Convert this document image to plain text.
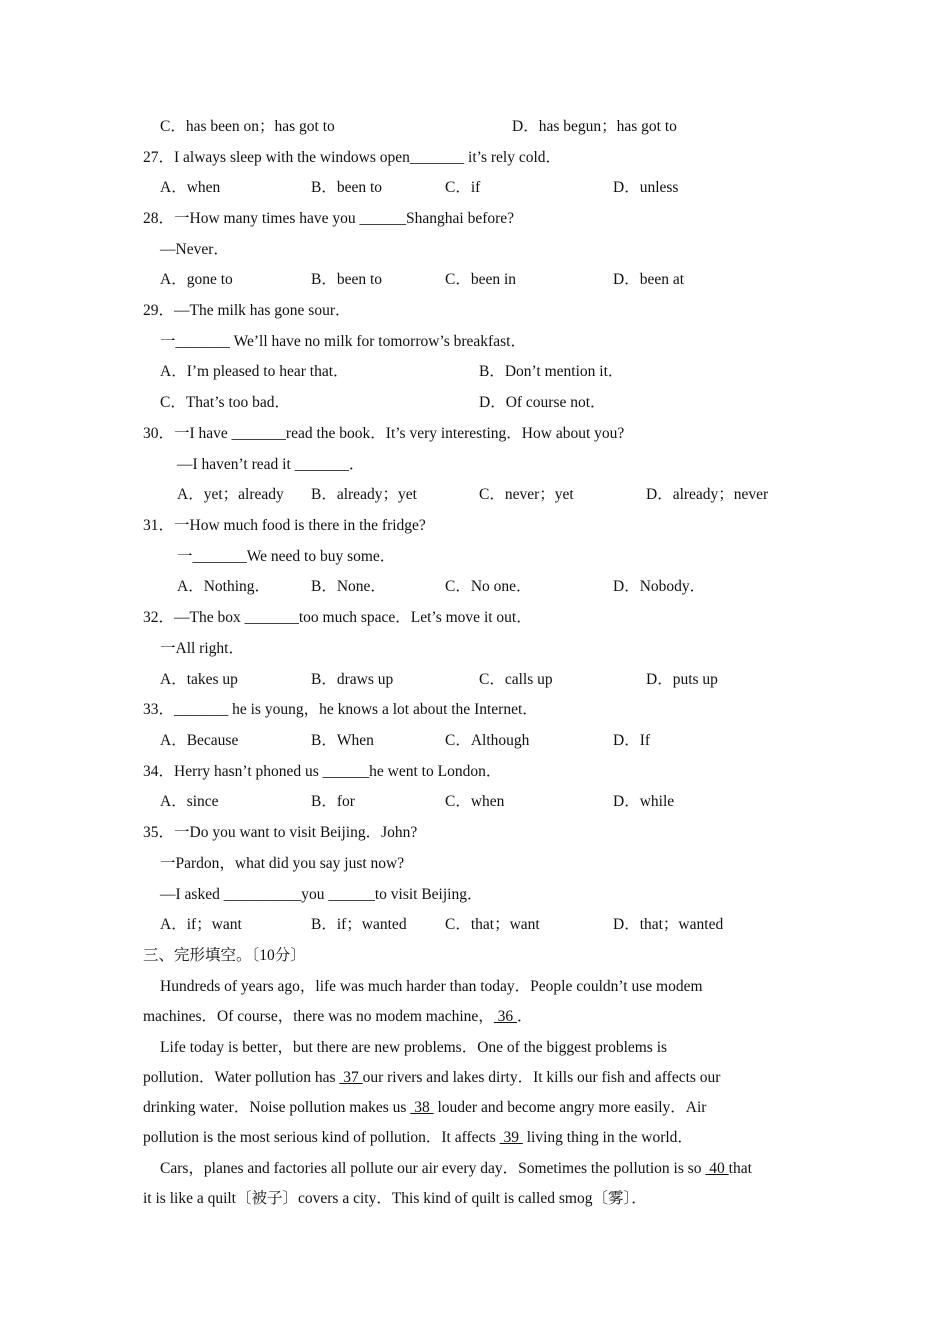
C．has been on；has got to	D．has begun；has got to
27．I always sleep with the windows open_______ it’s rely cold．
A．when	B．been to	C．if	D．unless
28．一How many times have you ______Shanghai before?
—Never．
A．gone to	B．been to	C．been in	D．been at
29．—The milk has gone sour．
一_______ We’ll have no milk for tomorrow’s breakfast．
A．I’m pleased to hear that．	B．Don’t mention it．
C．That’s too bad．	D．Of course not．
30．一I have _______read the book．It’s very interesting．How about you?
—I haven’t read it _______．
A．yet；already B．already；yet	C．never；yet	D．already；never
31．一How much food is there in the fridge?
一_______We need to buy some．
A．Nothing．	B．None．	C．No one．	D．Nobody．
32．—The box _______too much space．Let’s move it out．
一All right．
A．takes up	B．draws up	C．calls up	D．puts up
33．_______ he is young，he knows a lot about the Internet．
A．Because	B．When	C．Although	D．If
34．Herry hasn’t phoned us ______he went to London．
A．since	B．for	C．when	D．while
35．一Do you want to visit Beijing．John?
一Pardon，what did you say just now?
—I asked __________you ______to visit Beijing．
A．if；want	B．if；wanted C．that；want	D．that；wanted
三、完形填空。〔10分〕
Hundreds of years ago，life was much harder than today．People couldn’t use modem
machines．Of course，there was no modem machine， 36 ．
Life today is better，but there are new problems．One of the biggest problems is
pollution．Water pollution has  37 our rivers and lakes dirty．It kills our fish and affects our
drinking water．Noise pollution makes us  38  louder and become angry more easily．Air
pollution is the most serious kind of pollution．It affects  39  living thing in the world．
Cars，planes and factories all pollute our air every day．Sometimes the pollution is so  40 that
it is like a quilt〔被子〕covers a city．This kind of quilt is called smog〔雾〕．
